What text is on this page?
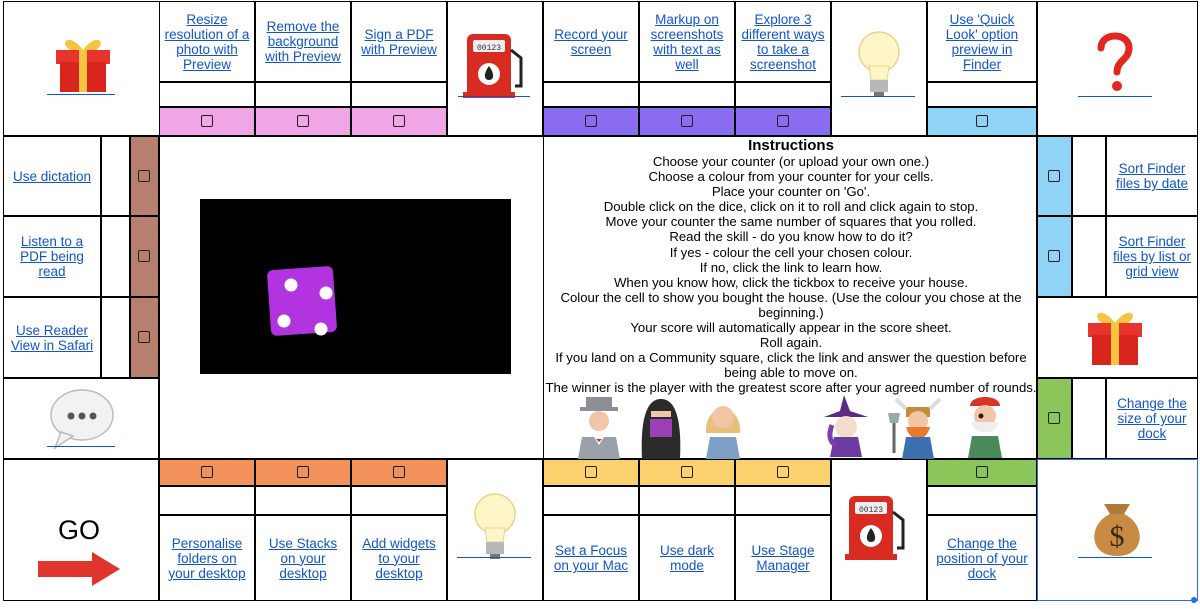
Resize resolution of a photo with Preview
Remove the background with Preview
Sign a PDF with Preview	00123
Record your screen
Markup on screenshots with text as well
Explore 3 different ways to take a screenshot
Use 'Quick Look' option preview in Finder
Use dictation
Listen to a PDF being read
Use Reader View in Safari
Instructions
Choose your counter (or upload your own one.)
Choose a colour from your counter for your cells.
Place your counter on 'Go'.
Double click on the dice, click on it to roll and click again to stop.
Move your counter the same number of squares that you rolled.
Read the skill - do you know how to do it?
If yes - colour the cell your chosen colour.
If no, click the link to learn how.
When you know how, click the tickbox to receive your house.
Colour the cell to show you bought the house. (Use the colour you chose at the beginning.)
Your score will automatically appear in the score sheet.
Roll again.
If you land on a Community square, click the link and answer the question before being able to move on.
The winner is the player with the greatest score after your agreed number of rounds.
Sort Finder files by date
Sort Finder files by list or grid view
Change the size of your dock
GO	Personalise folders on your desktop
Use Stacks on your desktop
Add widgets to your desktop
Set a Focus on your Mac
Use dark mode
Use Stage Manager
00123
Change the position of your dock
$
